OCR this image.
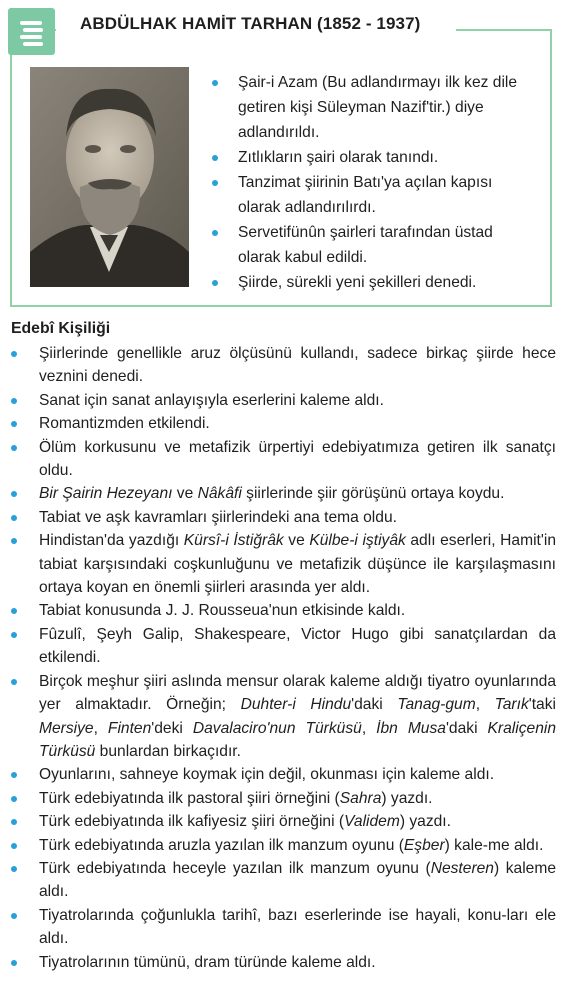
ABDÜLHAK HAMİT TARHAN (1852 - 1937)
Şair-i Azam (Bu adlandırmayı ilk kez dile getiren kişi Süleyman Nazif'tir.) diye adlandırıldı.
Zıtlıkların şairi olarak tanındı.
Tanzimat şiirinin Batı'ya açılan kapısı olarak adlandırılırdı.
Servetifünûn şairleri tarafından üstad olarak kabul edildi.
Şiirde, sürekli yeni şekilleri denedi.
Edebî Kişiliği
Şiirlerinde genellikle aruz ölçüsünü kullandı, sadece birkaç şiirde hece veznini denedi.
Sanat için sanat anlayışıyla eserlerini kaleme aldı.
Romantizmden etkilendi.
Ölüm korkusunu ve metafizik ürpertiyi edebiyatımıza getiren ilk sanatçı oldu.
Bir Şairin Hezeyanı ve Nâkâfi şiirlerinde şiir görüşünü ortaya koydu.
Tabiat ve aşk kavramları şiirlerindeki ana tema oldu.
Hindistan'da yazdığı Kürsî-i İstiğrâk ve Külbe-i iştiyâk adlı eserleri, Hamit'in tabiat karşısındaki coşkunluğunu ve metafizik düşünce ile karşılaşmasını ortaya koyan en önemli şiirleri arasında yer aldı.
Tabiat konusunda J. J. Rousseua'nun etkisinde kaldı.
Fûzulî, Şeyh Galip, Shakespeare, Victor Hugo gibi sanatçılardan da etkilendi.
Birçok meşhur şiiri aslında mensur olarak kaleme aldığı tiyatro oyunlarında yer almaktadır. Örneğin; Duhter-i Hindu'daki Tanag-gum, Tarık'taki Mersiye, Finten'deki Davalaciro'nun Türküsü, İbn Musa'daki Kraliçenin Türküsü bunlardan birkaçıdır.
Oyunlarını, sahneye koymak için değil, okunması için kaleme aldı.
Türk edebiyatında ilk pastoral şiiri örneğini (Sahra) yazdı.
Türk edebiyatında ilk kafiyesiz şiiri örneğini (Validem) yazdı.
Türk edebiyatında aruzla yazılan ilk manzum oyunu (Eşber) kale-me aldı.
Türk edebiyatında heceyle yazılan ilk manzum oyunu (Nesteren) kaleme aldı.
Tiyatrolarında çoğunlukla tarihî, bazı eserlerinde ise hayali, konu-ları ele aldı.
Tiyatrolarının tümünü, dram türünde kaleme aldı.
